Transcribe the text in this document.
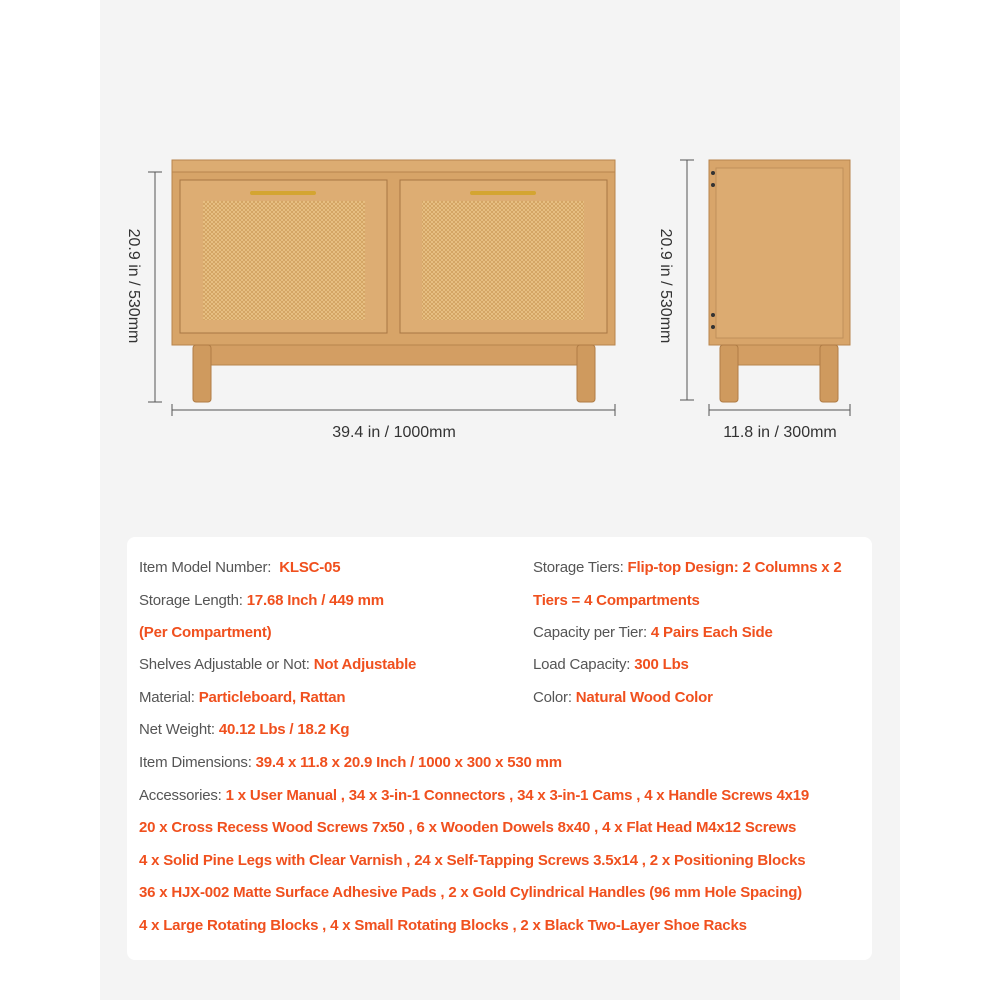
20.9 in / 530mm
39.4 in / 1000mm
20.9 in / 530mm
11.8 in / 300mm
Item Model Number: KLSC-05
Storage Length: 17.68 Inch / 449 mm
(Per Compartment)
Shelves Adjustable or Not: Not Adjustable
Material: Particleboard, Rattan
Net Weight: 40.12 Lbs / 18.2 Kg
Storage Tiers: Flip-top Design: 2 Columns x 2
Tiers = 4 Compartments
Capacity per Tier: 4 Pairs Each Side
Load Capacity: 300 Lbs
Color: Natural Wood Color
Item Dimensions: 39.4 x 11.8 x 20.9 Inch / 1000 x 300 x 530 mm
Accessories: 1 x User Manual , 34 x 3-in-1 Connectors , 34 x 3-in-1 Cams , 4 x Handle Screws 4x19
20 x Cross Recess Wood Screws 7x50 , 6 x Wooden Dowels 8x40 , 4 x Flat Head M4x12 Screws
4 x Solid Pine Legs with Clear Varnish , 24 x Self-Tapping Screws 3.5x14 , 2 x Positioning Blocks
36 x HJX-002 Matte Surface Adhesive Pads , 2 x Gold Cylindrical Handles (96 mm Hole Spacing)
4 x Large Rotating Blocks , 4 x Small Rotating Blocks , 2 x Black Two-Layer Shoe Racks
